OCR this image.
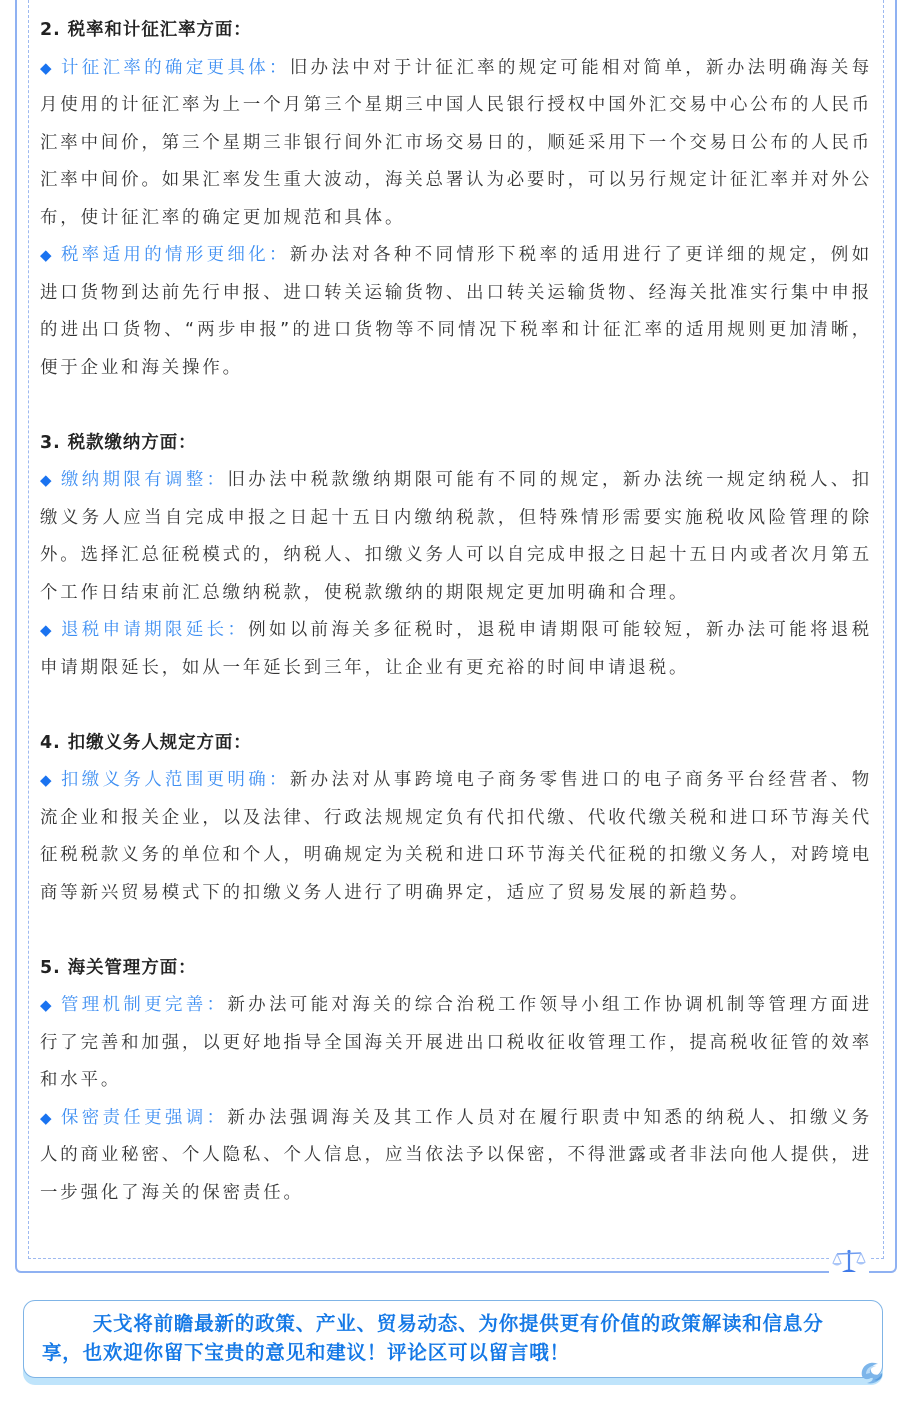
2. 税率和计征汇率方面：
◆ 计征汇率的确定更具体：旧办法中对于计征汇率的规定可能相对简单，新办法明确海关每月使用的计征汇率为上一个月第三个星期三中国人民银行授权中国外汇交易中心公布的人民币汇率中间价，第三个星期三非银行间外汇市场交易日的，顺延采用下一个交易日公布的人民币汇率中间价。如果汇率发生重大波动，海关总署认为必要时，可以另行规定计征汇率并对外公布，使计征汇率的确定更加规范和具体。
◆ 税率适用的情形更细化：新办法对各种不同情形下税率的适用进行了更详细的规定，例如进口货物到达前先行申报、进口转关运输货物、出口转关运输货物、经海关批准实行集中申报的进出口货物、“两步申报”的进口货物等不同情况下税率和计征汇率的适用规则更加清晰，便于企业和海关操作。
3. 税款缴纳方面：
◆ 缴纳期限有调整：旧办法中税款缴纳期限可能有不同的规定，新办法统一规定纳税人、扣缴义务人应当自完成申报之日起十五日内缴纳税款，但特殊情形需要实施税收风险管理的除外。选择汇总征税模式的，纳税人、扣缴义务人可以自完成申报之日起十五日内或者次月第五个工作日结束前汇总缴纳税款，使税款缴纳的期限规定更加明确和合理。
◆ 退税申请期限延长：例如以前海关多征税时，退税申请期限可能较短，新办法可能将退税申请期限延长，如从一年延长到三年，让企业有更充裕的时间申请退税。
4. 扣缴义务人规定方面：
◆ 扣缴义务人范围更明确：新办法对从事跨境电子商务零售进口的电子商务平台经营者、物流企业和报关企业，以及法律、行政法规规定负有代扣代缴、代收代缴关税和进口环节海关代征税税款义务的单位和个人，明确规定为关税和进口环节海关代征税的扣缴义务人，对跨境电商等新兴贸易模式下的扣缴义务人进行了明确界定，适应了贸易发展的新趋势。
5. 海关管理方面：
◆ 管理机制更完善：新办法可能对海关的综合治税工作领导小组工作协调机制等管理方面进行了完善和加强，以更好地指导全国海关开展进出口税收征收管理工作，提高税收征管的效率和水平。
◆ 保密责任更强调：新办法强调海关及其工作人员对在履行职责中知悉的纳税人、扣缴义务人的商业秘密、个人隐私、个人信息，应当依法予以保密，不得泄露或者非法向他人提供，进一步强化了海关的保密责任。
天戈将前瞻最新的政策、产业、贸易动态、为你提供更有价值的政策解读和信息分享，也欢迎你留下宝贵的意见和建议！评论区可以留言哦！
